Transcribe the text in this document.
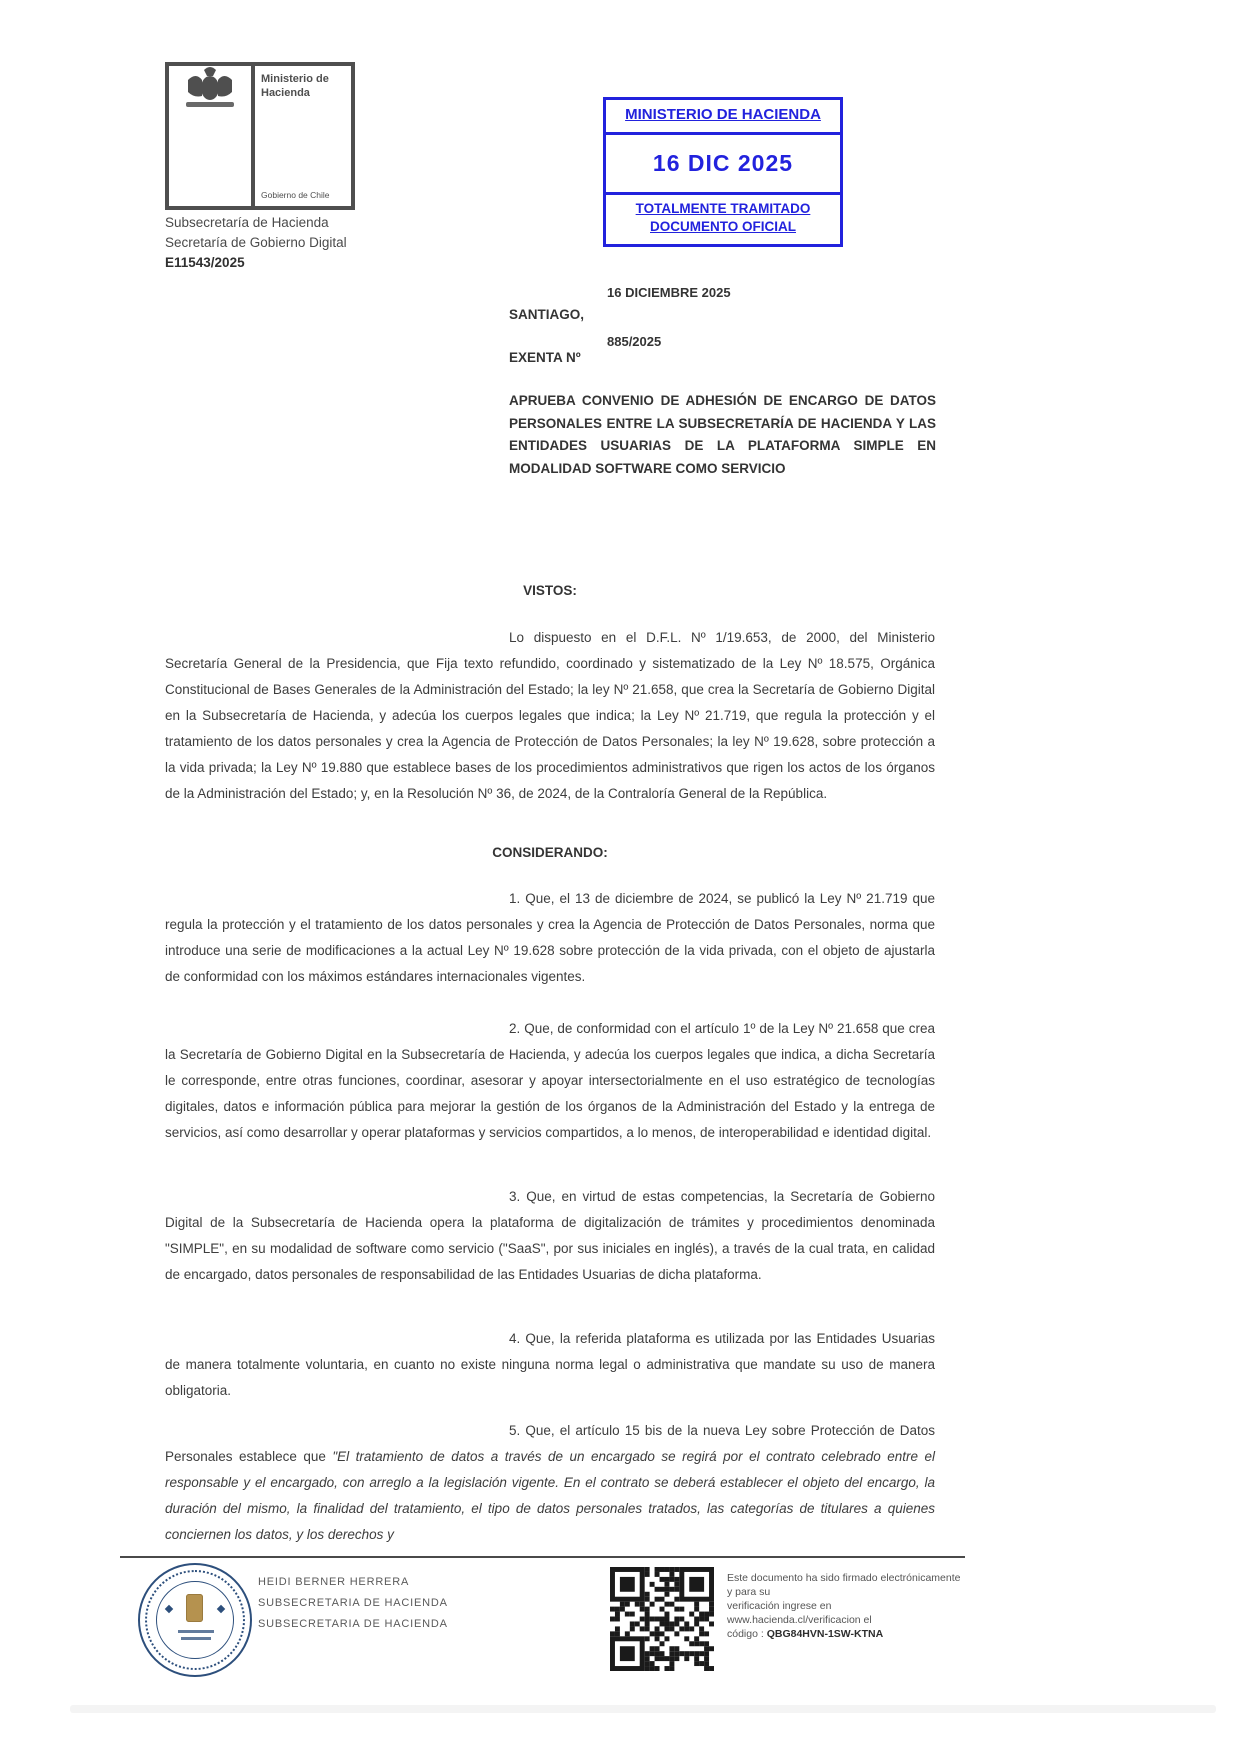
Ministerio de Hacienda
Gobierno de Chile
Subsecretaría de Hacienda
Secretaría de Gobierno Digital
E11543/2025
MINISTERIO DE HACIENDA
16 DIC 2025
TOTALMENTE TRAMITADO
DOCUMENTO OFICIAL
16 DICIEMBRE 2025
SANTIAGO,
885/2025
EXENTA Nº
APRUEBA CONVENIO DE ADHESIÓN DE ENCARGO DE DATOS PERSONALES ENTRE LA SUBSECRETARÍA DE HACIENDA Y LAS ENTIDADES USUARIAS DE LA PLATAFORMA SIMPLE EN MODALIDAD SOFTWARE COMO SERVICIO
VISTOS:
Lo dispuesto en el D.F.L. Nº 1/19.653, de 2000, del Ministerio Secretaría General de la Presidencia, que Fija texto refundido, coordinado y sistematizado de la Ley Nº 18.575, Orgánica Constitucional de Bases Generales de la Administración del Estado; la ley Nº 21.658, que crea la Secretaría de Gobierno Digital en la Subsecretaría de Hacienda, y adecúa los cuerpos legales que indica; la Ley Nº 21.719, que regula la protección y el tratamiento de los datos personales y crea la Agencia de Protección de Datos Personales; la ley Nº 19.628, sobre protección a la vida privada; la Ley Nº 19.880 que establece bases de los procedimientos administrativos que rigen los actos de los órganos de la Administración del Estado; y, en la Resolución Nº 36, de 2024, de la Contraloría General de la República.
CONSIDERANDO:
1. Que, el 13 de diciembre de 2024, se publicó la Ley Nº 21.719 que regula la protección y el tratamiento de los datos personales y crea la Agencia de Protección de Datos Personales, norma que introduce una serie de modificaciones a la actual Ley Nº 19.628 sobre protección de la vida privada, con el objeto de ajustarla de conformidad con los máximos estándares internacionales vigentes.
2. Que, de conformidad con el artículo 1º de la Ley Nº 21.658 que crea la Secretaría de Gobierno Digital en la Subsecretaría de Hacienda, y adecúa los cuerpos legales que indica, a dicha Secretaría le corresponde, entre otras funciones, coordinar, asesorar y apoyar intersectorialmente en el uso estratégico de tecnologías digitales, datos e información pública para mejorar la gestión de los órganos de la Administración del Estado y la entrega de servicios, así como desarrollar y operar plataformas y servicios compartidos, a lo menos, de interoperabilidad e identidad digital.
3. Que, en virtud de estas competencias, la Secretaría de Gobierno Digital de la Subsecretaría de Hacienda opera la plataforma de digitalización de trámites y procedimientos denominada "SIMPLE", en su modalidad de software como servicio ("SaaS", por sus iniciales en inglés), a través de la cual trata, en calidad de encargado, datos personales de responsabilidad de las Entidades Usuarias de dicha plataforma.
4. Que, la referida plataforma es utilizada por las Entidades Usuarias de manera totalmente voluntaria, en cuanto no existe ninguna norma legal o administrativa que mandate su uso de manera obligatoria.
5. Que, el artículo 15 bis de la nueva Ley sobre Protección de Datos Personales establece que "El tratamiento de datos a través de un encargado se regirá por el contrato celebrado entre el responsable y el encargado, con arreglo a la legislación vigente. En el contrato se deberá establecer el objeto del encargo, la duración del mismo, la finalidad del tratamiento, el tipo de datos personales tratados, las categorías de titulares a quienes conciernen los datos, y los derechos y
HEIDI BERNER HERRERA
SUBSECRETARIA DE HACIENDA
SUBSECRETARIA DE HACIENDA
Este documento ha sido firmado electrónicamente y para su
verificación ingrese en www.hacienda.cl/verificacion el
código : QBG84HVN-1SW-KTNA
